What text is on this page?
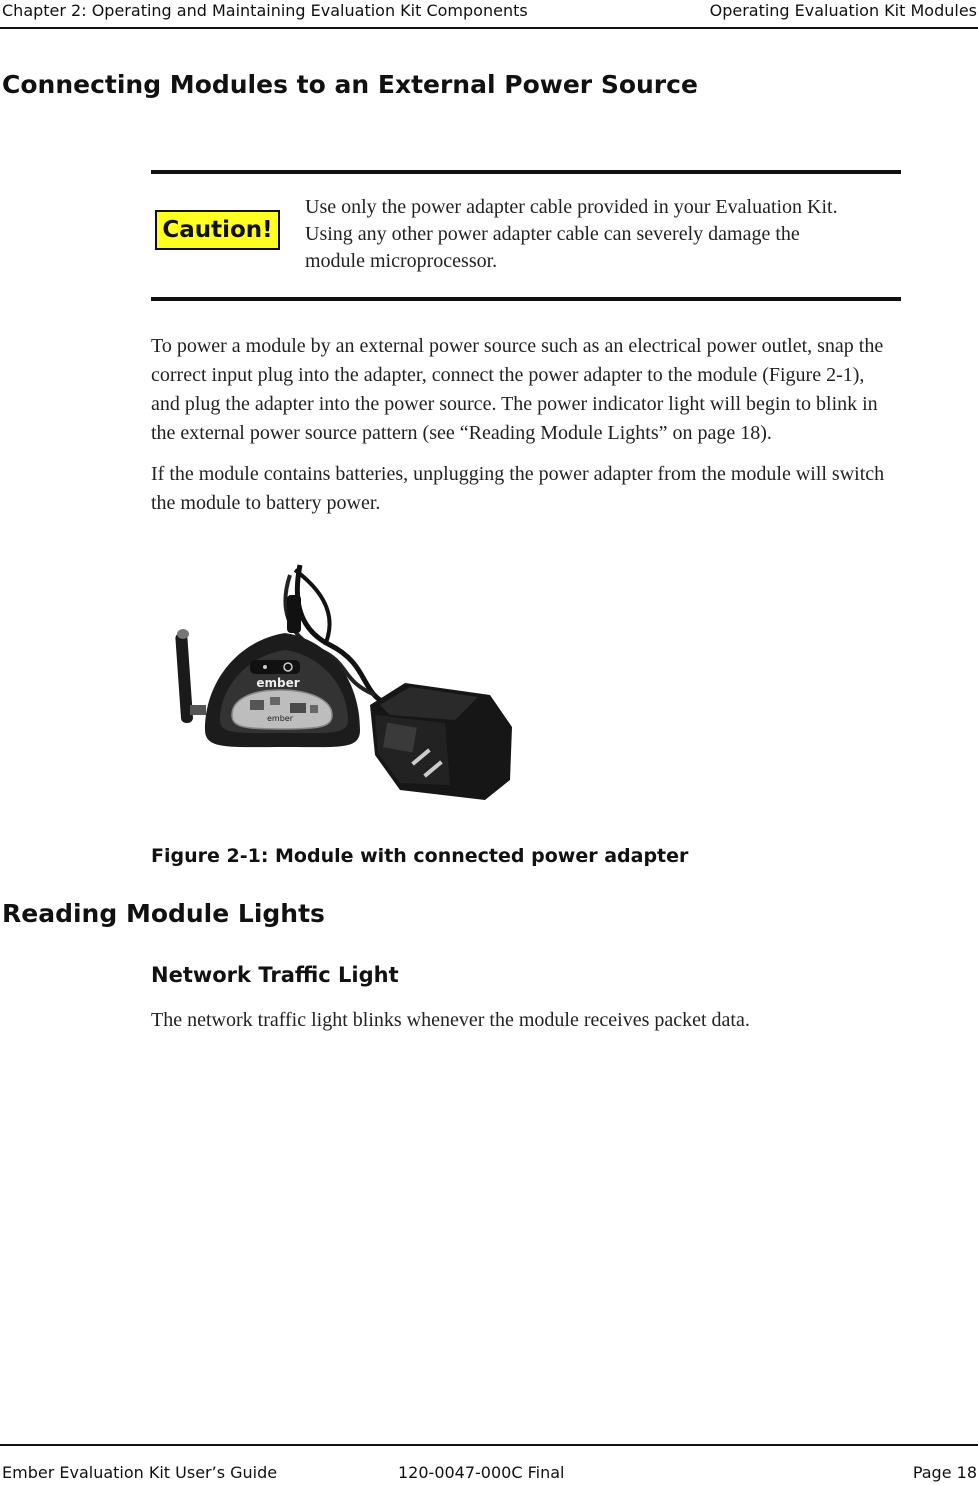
Chapter 2: Operating and Maintaining Evaluation Kit Components	Operating Evaluation Kit Modules
Connecting Modules to an External Power Source
Caution!
Use only the power adapter cable provided in your Evaluation Kit.
Using any other power adapter cable can severely damage the
module microprocessor.
To power a module by an external power source such as an electrical power outlet, snap the
correct input plug into the adapter, connect the power adapter to the module (Figure 2-1),
and plug the adapter into the power source. The power indicator light will begin to blink in
the external power source pattern (see “Reading Module Lights” on page 18).
If the module contains batteries, unplugging the power adapter from the module will switch
the module to battery power.
ember
ember
Figure 2-1: Module with connected power adapter
Reading Module Lights
Network Traffic Light
The network traffic light blinks whenever the module receives packet data.
Ember Evaluation Kit User’s Guide	120-0047-000C Final	Page 18
